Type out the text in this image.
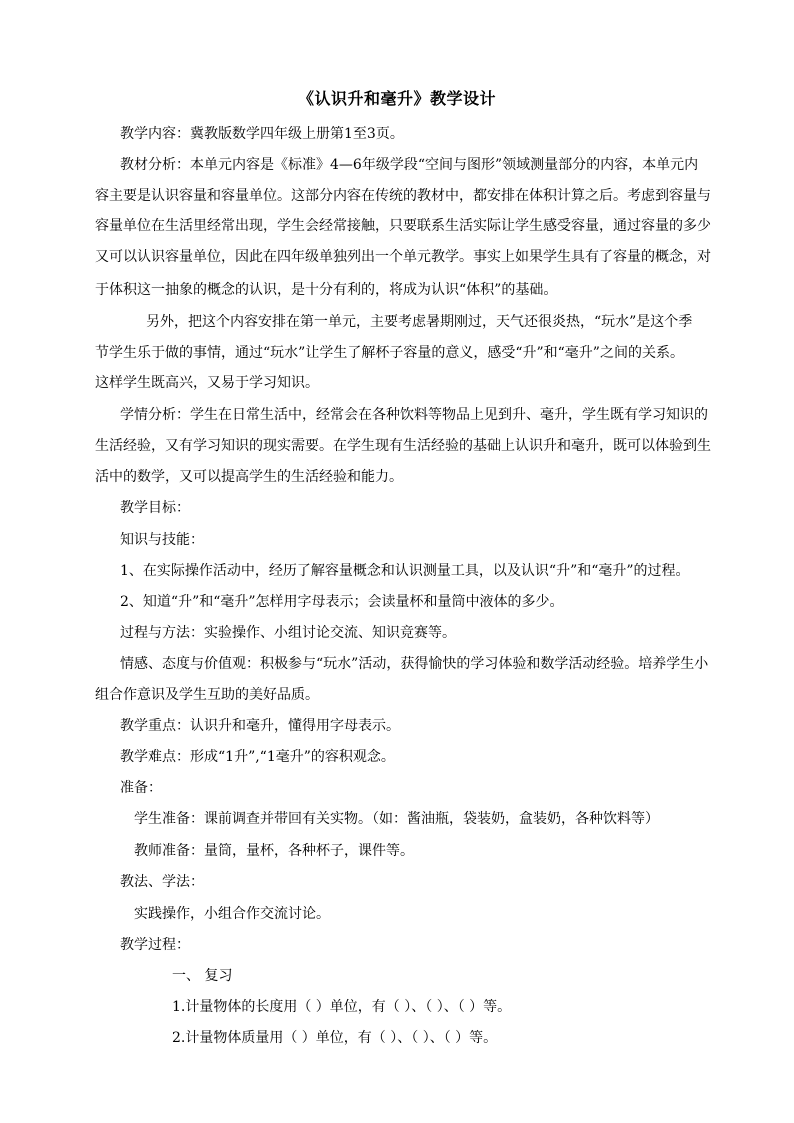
《认识升和毫升》教学设计
教学内容：冀教版数学四年级上册第1至3页。
教材分析：本单元内容是《标准》4—6年级学段“空间与图形”领域测量部分的内容，本单元内
容主要是认识容量和容量单位。这部分内容在传统的教材中，都安排在体积计算之后。考虑到容量与
容量单位在生活里经常出现，学生会经常接触，只要联系生活实际让学生感受容量，通过容量的多少
又可以认识容量单位，因此在四年级单独列出一个单元教学。事实上如果学生具有了容量的概念，对
于体积这一抽象的概念的认识，是十分有利的，将成为认识“体积”的基础。
另外，把这个内容安排在第一单元，主要考虑暑期刚过，天气还很炎热，“玩水”是这个季
节学生乐于做的事情，通过“玩水”让学生了解杯子容量的意义，感受“升”和“毫升”之间的关系。
这样学生既高兴，又易于学习知识。
学情分析：学生在日常生活中，经常会在各种饮料等物品上见到升、毫升，学生既有学习知识的
生活经验，又有学习知识的现实需要。在学生现有生活经验的基础上认识升和毫升，既可以体验到生
活中的数学，又可以提高学生的生活经验和能力。
教学目标：
知识与技能：
1、在实际操作活动中，经历了解容量概念和认识测量工具，以及认识“升”和“毫升”的过程。
2、知道“升”和“毫升”怎样用字母表示；会读量杯和量筒中液体的多少。
过程与方法：实验操作、小组讨论交流、知识竞赛等。
情感、态度与价值观：积极参与“玩水”活动，获得愉快的学习体验和数学活动经验。培养学生小
组合作意识及学生互助的美好品质。
教学重点：认识升和毫升，懂得用字母表示。
教学难点：形成“1升”,“1毫升”的容积观念。
准备：
学生准备：课前调查并带回有关实物。（如：酱油瓶，袋装奶，盒装奶，各种饮料等）
教师准备：量筒，量杯，各种杯子，课件等。
教法、学法：
实践操作，小组合作交流讨论。
教学过程：
一、 复习
1.计量物体的长度用（ ）单位，有（ ）、（ ）、（ ）等。
2.计量物体质量用（ ）单位，有（ ）、（ ）、（ ）等。
